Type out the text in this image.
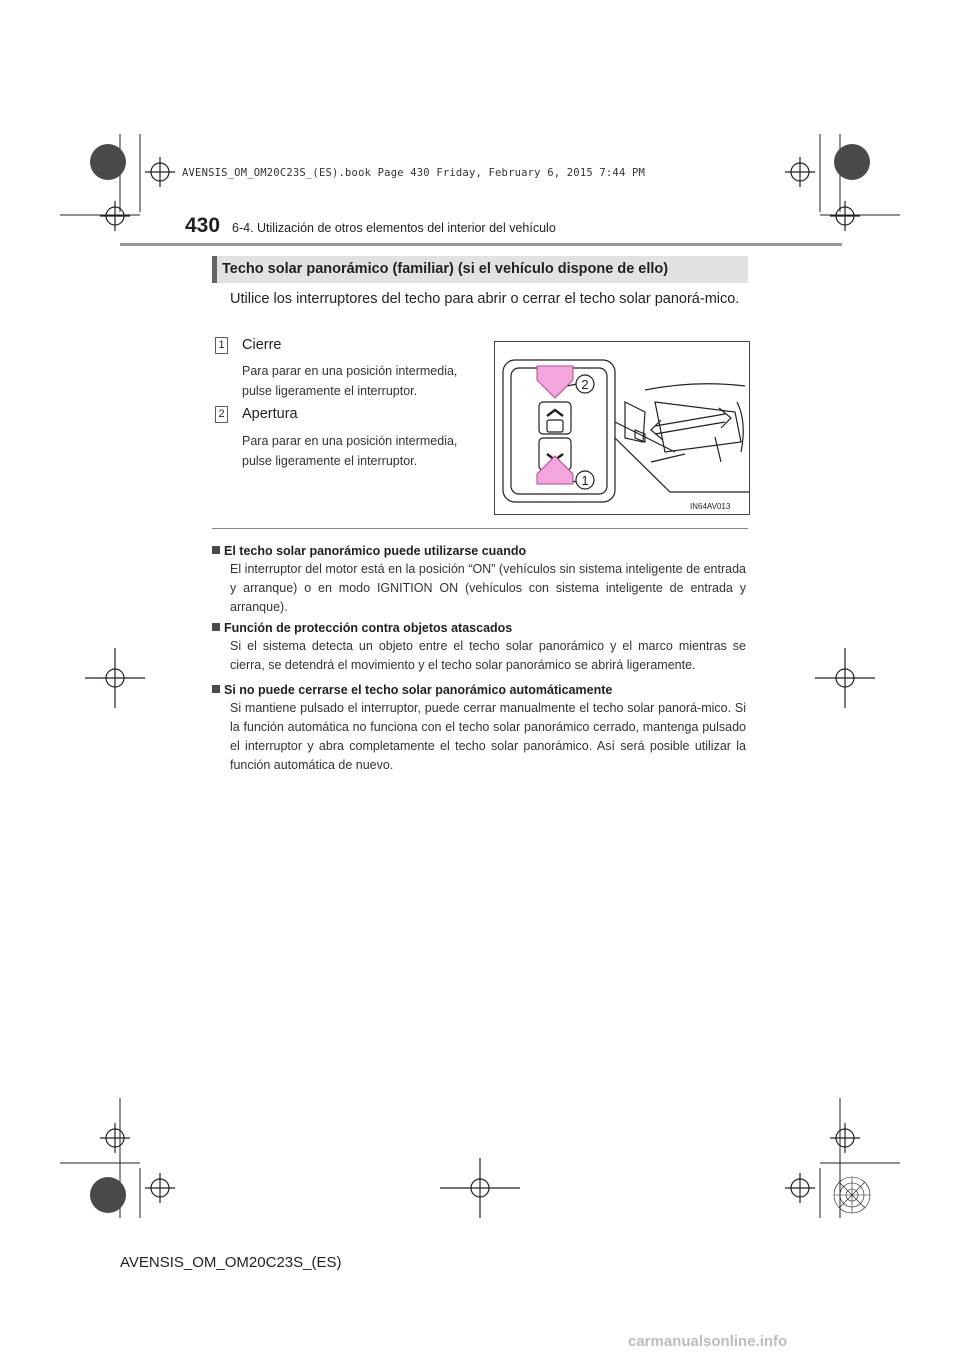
AVENSIS_OM_OM20C23S_(ES).book Page 430 Friday, February 6, 2015 7:44 PM
430 6-4. Utilización de otros elementos del interior del vehículo
Techo solar panorámico (familiar) (si el vehículo dispone de ello)
Utilice los interruptores del techo para abrir o cerrar el techo solar panorá-mico.
1 Cierre
Para parar en una posición intermedia, pulse ligeramente el interruptor.
2 Apertura
Para parar en una posición intermedia, pulse ligeramente el interruptor.
2
1
IN64AV013
El techo solar panorámico puede utilizarse cuando
El interruptor del motor está en la posición “ON” (vehículos sin sistema inteligente de entrada y arranque) o en modo IGNITION ON (vehículos con sistema inteligente de entrada y arranque).
Función de protección contra objetos atascados
Si el sistema detecta un objeto entre el techo solar panorámico y el marco mientras se cierra, se detendrá el movimiento y el techo solar panorámico se abrirá ligeramente.
Si no puede cerrarse el techo solar panorámico automáticamente
Si mantiene pulsado el interruptor, puede cerrar manualmente el techo solar panorá-mico. Si la función automática no funciona con el techo solar panorámico cerrado, mantenga pulsado el interruptor y abra completamente el techo solar panorámico. Así será posible utilizar la función automática de nuevo.
AVENSIS_OM_OM20C23S_(ES)
carmanualsonline.info
